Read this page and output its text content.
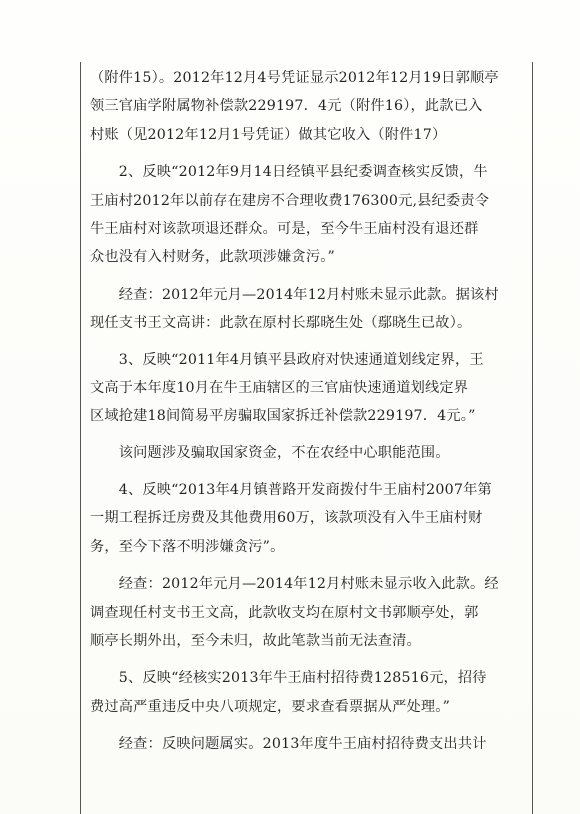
（附件15）。2012年12月4号凭证显示2012年12月19日郭顺亭
领三官庙学附属物补偿款229197．4元（附件16），此款已入
村账（见2012年12月1号凭证）做其它收入（附件17）
　　2、反映“2012年9月14日经镇平县纪委调查核实反馈，牛
王庙村2012年以前存在建房不合理收费176300元,县纪委责令
牛王庙村对该款项退还群众。可是，至今牛王庙村没有退还群
众也没有入村财务，此款项涉嫌贪污。”
　　经查：2012年元月—2014年12月村账未显示此款。据该村
现任支书王文高讲：此款在原村长鄢晓生处（鄢晓生已故）。
　　3、反映“2011年4月镇平县政府对快速通道划线定界，王
文高于本年度10月在牛王庙辖区的三官庙快速通道划线定界
区域抢建18间简易平房骗取国家拆迁补偿款229197．4元。”
　　该问题涉及骗取国家资金，不在农经中心职能范围。
　　4、反映“2013年4月镇普路开发商拨付牛王庙村2007年第
一期工程拆迁房费及其他费用60万，该款项没有入牛王庙村财
务，至今下落不明涉嫌贪污”。
　　经查：2012年元月—2014年12月村账未显示收入此款。经
调查现任村支书王文高，此款收支均在原村文书郭顺亭处，郭
顺亭长期外出，至今未归，故此笔款当前无法查清。
　　5、反映“经核实2013年牛王庙村招待费128516元，招待
费过高严重违反中央八项规定，要求查看票据从严处理。”
　　经查：反映问题属实。2013年度牛王庙村招待费支出共计
